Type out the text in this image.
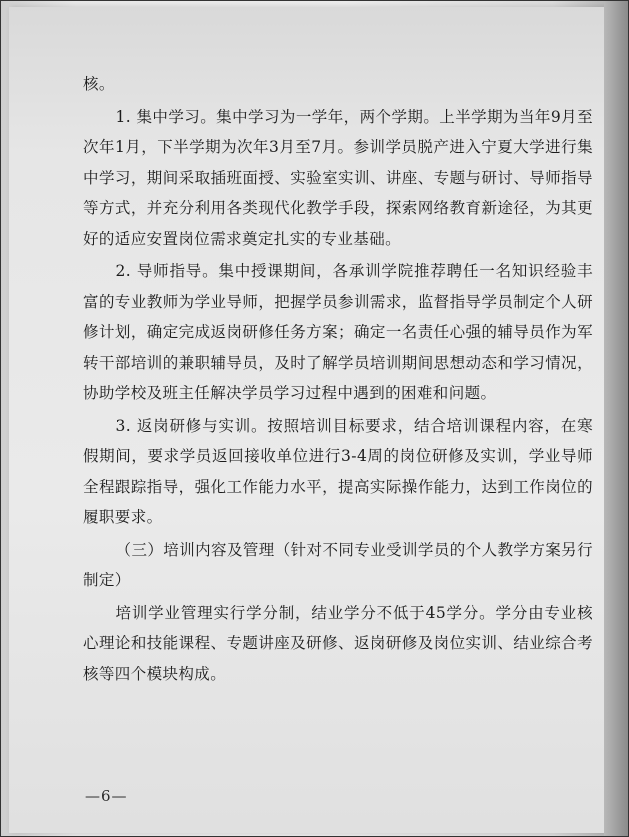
核。

1. 集中学习。集中学习为一学年，两个学期。上半学期为当年9月至次年1月，下半学期为次年3月至7月。参训学员脱产进入宁夏大学进行集中学习，期间采取插班面授、实验室实训、讲座、专题与研讨、导师指导等方式，并充分利用各类现代化教学手段，探索网络教育新途径，为其更好的适应安置岗位需求奠定扎实的专业基础。

2. 导师指导。集中授课期间，各承训学院推荐聘任一名知识经验丰富的专业教师为学业导师，把握学员参训需求，监督指导学员制定个人研修计划，确定完成返岗研修任务方案；确定一名责任心强的辅导员作为军转干部培训的兼职辅导员，及时了解学员培训期间思想动态和学习情况，协助学校及班主任解决学员学习过程中遇到的困难和问题。

3. 返岗研修与实训。按照培训目标要求，结合培训课程内容，在寒假期间，要求学员返回接收单位进行3-4周的岗位研修及实训，学业导师全程跟踪指导，强化工作能力水平，提高实际操作能力，达到工作岗位的履职要求。

（三）培训内容及管理（针对不同专业受训学员的个人教学方案另行制定）

培训学业管理实行学分制，结业学分不低于45学分。学分由专业核心理论和技能课程、专题讲座及研修、返岗研修及岗位实训、结业综合考核等四个模块构成。

—6—
